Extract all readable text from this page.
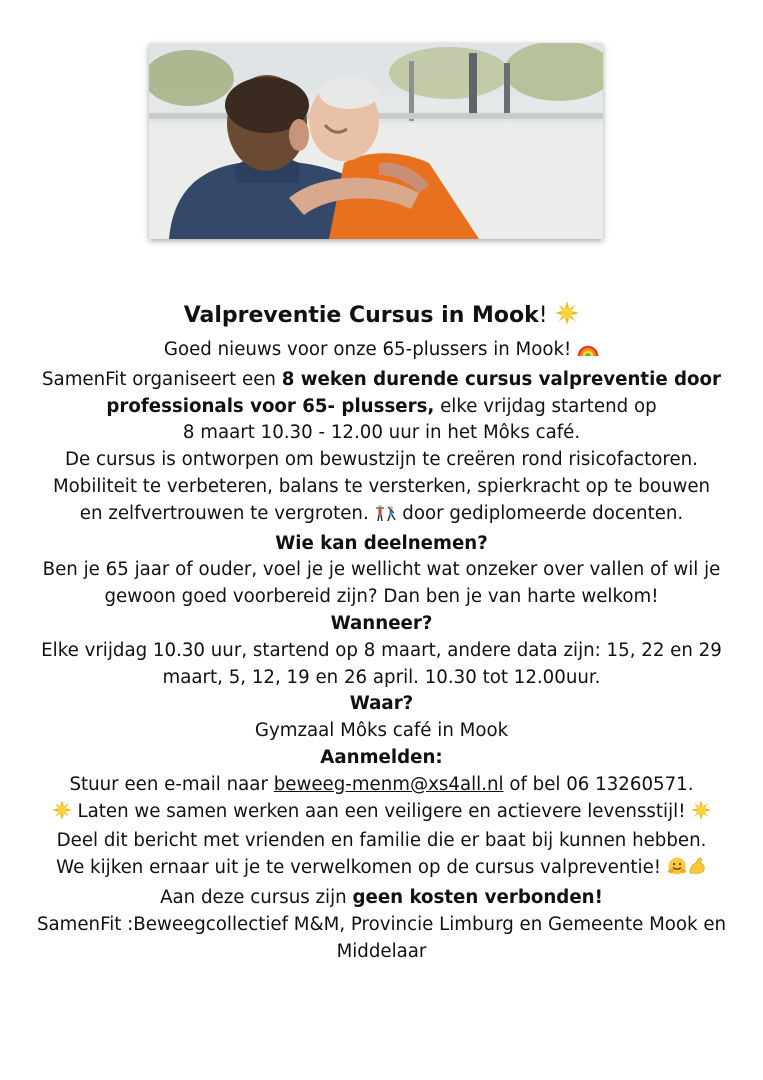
Valpreventie Cursus in Mook!

Goed nieuws voor onze 65-plussers in Mook!

SamenFit organiseert een 8 weken durende cursus valpreventie door professionals voor 65- plussers, elke vrijdag startend op

8 maart 10.30 - 12.00 uur in het Môks café.

De cursus is ontworpen om bewustzijn te creëren rond risicofactoren.

Mobiliteit te verbeteren, balans te versterken, spierkracht op te bouwen

en zelfvertrouwen te vergroten.  door gediplomeerde docenten.

Wie kan deelnemen?

Ben je 65 jaar of ouder, voel je je wellicht wat onzeker over vallen of wil je gewoon goed voorbereid zijn? Dan ben je van harte welkom!

Wanneer?

Elke vrijdag 10.30 uur, startend op 8 maart, andere data zijn: 15, 22 en 29 maart, 5, 12, 19 en 26 april. 10.30 tot 12.00uur.

Waar?

Gymzaal Môks café in Mook

Aanmelden:

Stuur een e-mail naar beweeg-menm@xs4all.nl of bel 06 13260571.

Laten we samen werken aan een veiligere en actievere levensstijl!

Deel dit bericht met vrienden en familie die er baat bij kunnen hebben.

We kijken ernaar uit je te verwelkomen op de cursus valpreventie!

Aan deze cursus zijn geen kosten verbonden!

SamenFit :Beweegcollectief M&M, Provincie Limburg en Gemeente Mook en Middelaar
